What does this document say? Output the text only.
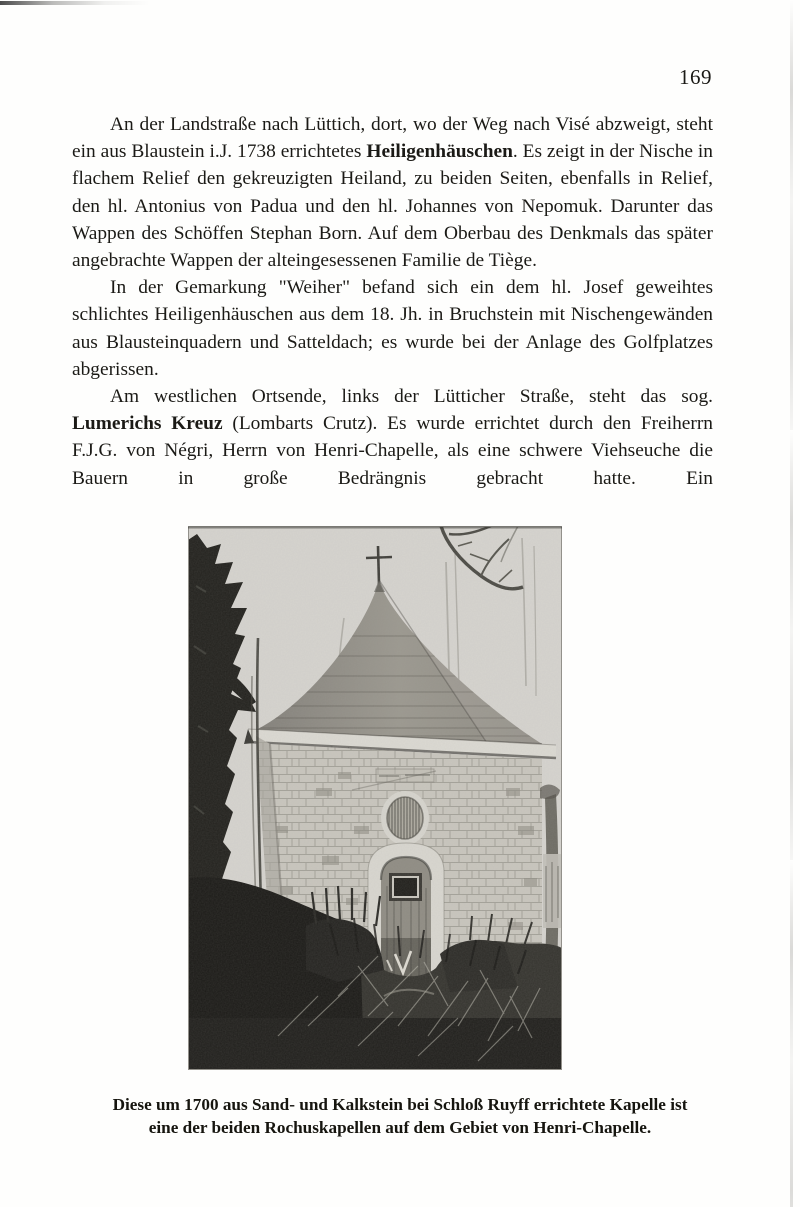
169

An der Landstraße nach Lüttich, dort, wo der Weg nach Visé abzweigt, steht ein aus Blaustein i.J. 1738 errichtetes Heiligenhäuschen. Es zeigt in der Nische in flachem Relief den gekreuzigten Heiland, zu beiden Seiten, ebenfalls in Relief, den hl. Antonius von Padua und den hl. Johannes von Nepomuk. Darunter das Wappen des Schöffen Stephan Born. Auf dem Oberbau des Denkmals das später angebrachte Wappen der alteingesessenen Familie de Tiège.

In der Gemarkung "Weiher" befand sich ein dem hl. Josef geweihtes schlichtes Heiligenhäuschen aus dem 18. Jh. in Bruchstein mit Nischengewänden aus Blausteinquadern und Satteldach; es wurde bei der Anlage des Golfplatzes abgerissen.

Am westlichen Ortsende, links der Lütticher Straße, steht das sog. Lumerichs Kreuz (Lombarts Crutz). Es wurde errichtet durch den Freiherrn F.J.G. von Négri, Herrn von Henri-Chapelle, als eine schwere Viehseuche die Bauern in große Bedrängnis gebracht hatte. Ein

Diese um 1700 aus Sand- und Kalkstein bei Schloß Ruyff errichtete Kapelle ist
eine der beiden Rochuskapellen auf dem Gebiet von Henri-Chapelle.
